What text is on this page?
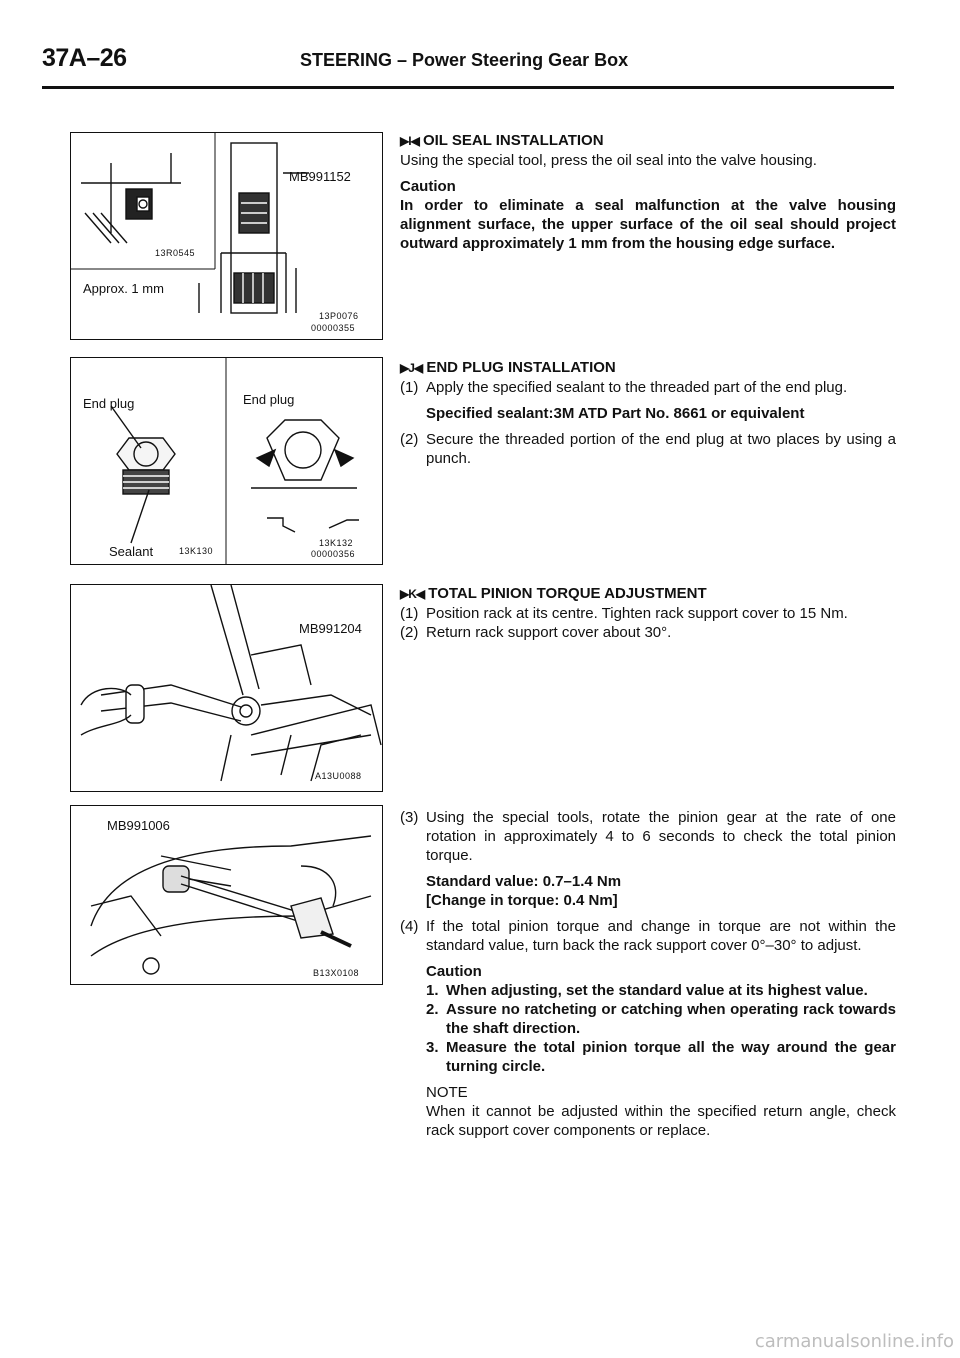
37A–26	STEERING – Power Steering Gear Box
MB991152
13R0545
Approx. 1 mm
13P0076
00000355
End plug
Sealant	13K130
End plug
13K132
00000356
MB991204
A13U0088
MB991006
B13X0108

▶I◀ OIL SEAL INSTALLATION

Using the special tool, press the oil seal into the valve housing.

Caution

In order to eliminate a seal malfunction at the valve housing alignment surface, the upper surface of the oil seal should project outward approximately 1 mm from the housing edge surface.

▶J◀ END PLUG INSTALLATION

(1) Apply the specified sealant to the threaded part of the end plug.
Specified sealant:3M ATD Part No. 8661 or equivalent
(2) Secure the threaded portion of the end plug at two places by using a punch.

▶K◀ TOTAL PINION TORQUE ADJUSTMENT

(1) Position rack at its centre. Tighten rack support cover to 15 Nm.
(2) Return rack support cover about 30°.
(3) Using the special tools, rotate the pinion gear at the rate of one rotation in approximately 4 to 6 seconds to check the total pinion torque.
Standard value: 0.7–1.4 Nm
[Change in torque: 0.4 Nm]
(4) If the total pinion torque and change in torque are not within the standard value, turn back the rack support cover 0°–30° to adjust.

Caution

1. When adjusting, set the standard value at its highest value.
2. Assure no ratcheting or catching when operating rack towards the shaft direction.
3. Measure the total pinion torque all the way around the gear turning circle.

NOTE

When it cannot be adjusted within the specified return angle, check rack support cover components or replace.

carmanualsonline.info
